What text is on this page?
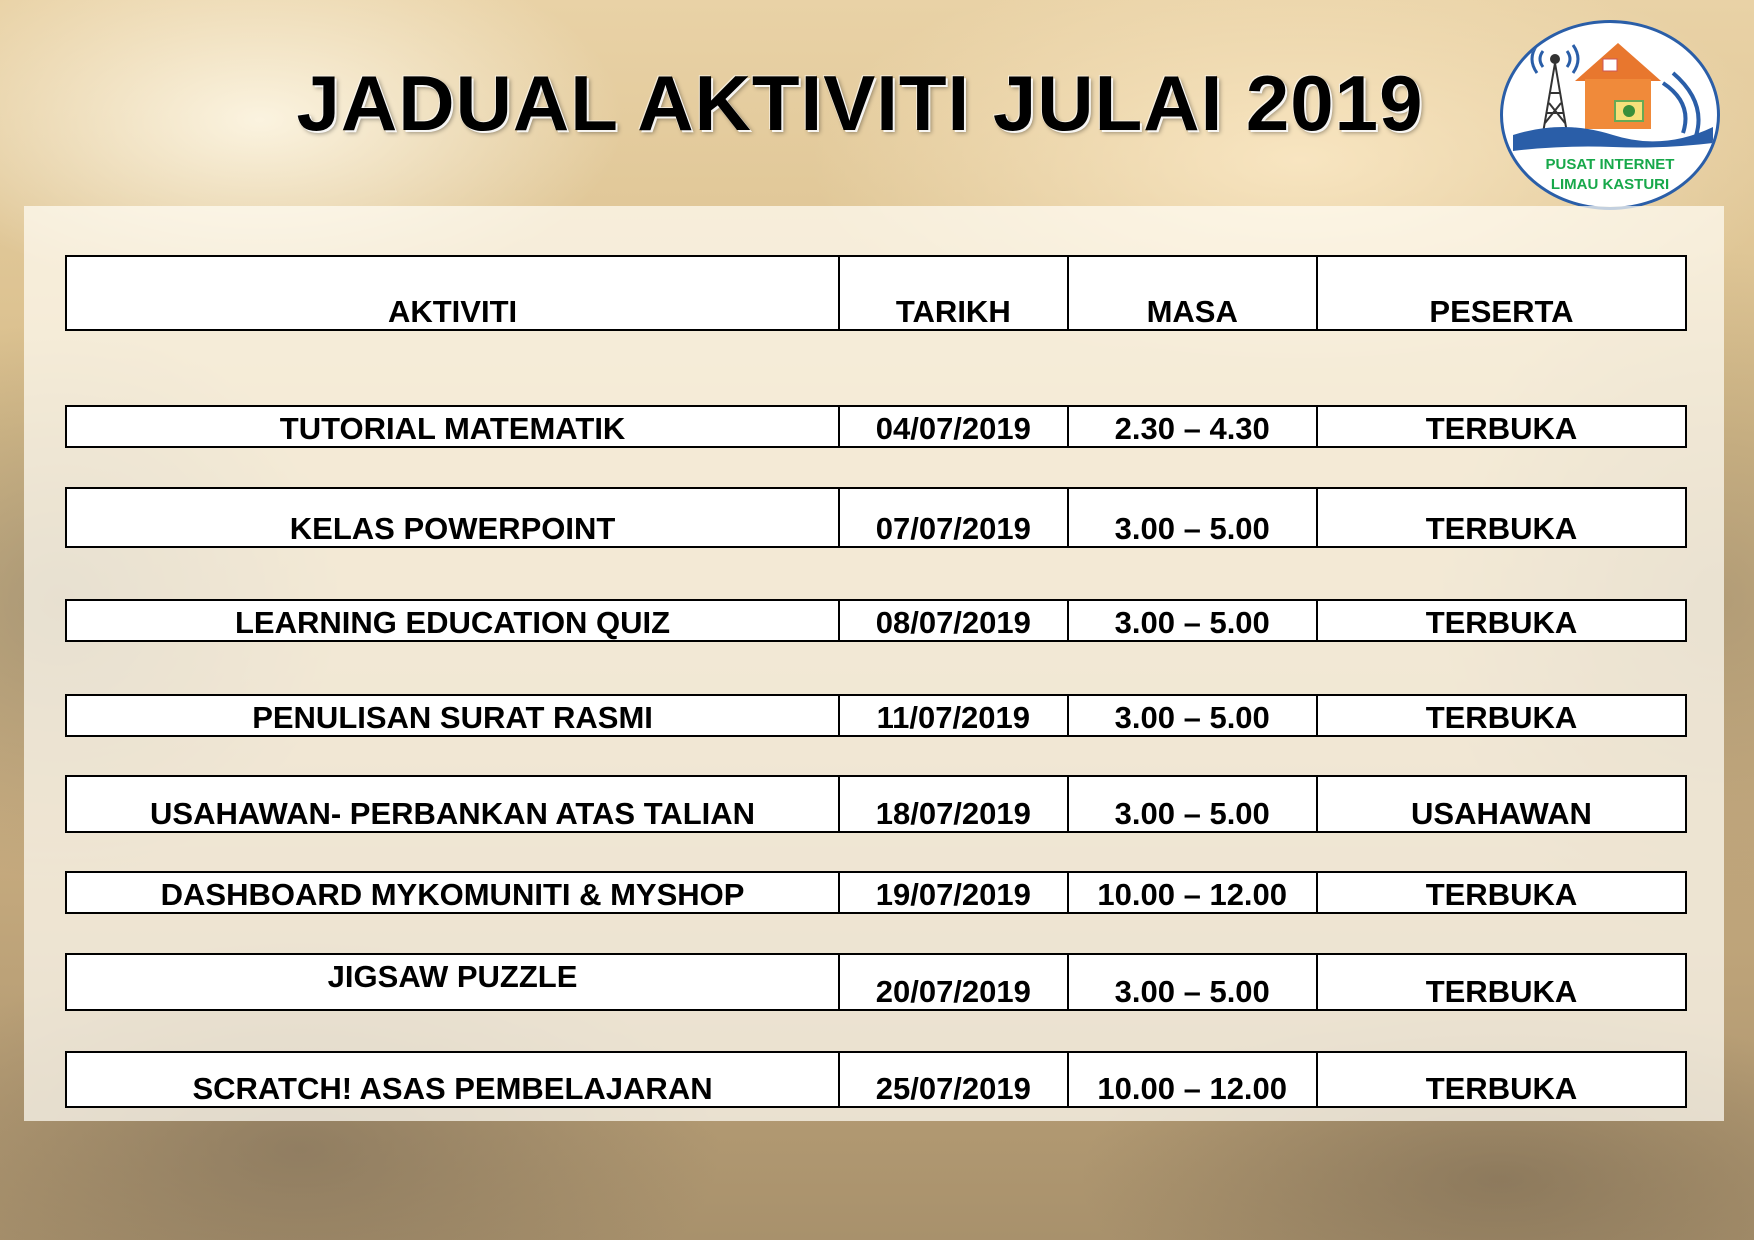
JADUAL AKTIVITI JULAI 2019
PUSAT INTERNET
LIMAU KASTURI
AKTIVITI	TARIKH	MASA	PESERTA
TUTORIAL MATEMATIK	04/07/2019	2.30 – 4.30	TERBUKA
KELAS POWERPOINT	07/07/2019	3.00 – 5.00	TERBUKA
LEARNING EDUCATION QUIZ	08/07/2019	3.00 – 5.00	TERBUKA
PENULISAN SURAT RASMI	11/07/2019	3.00 – 5.00	TERBUKA
USAHAWAN- PERBANKAN ATAS TALIAN	18/07/2019	3.00 – 5.00	USAHAWAN
DASHBOARD MYKOMUNITI & MYSHOP	19/07/2019	10.00 – 12.00	TERBUKA
JIGSAW PUZZLE	20/07/2019	3.00 – 5.00	TERBUKA
SCRATCH! ASAS PEMBELAJARAN	25/07/2019	10.00 – 12.00	TERBUKA
